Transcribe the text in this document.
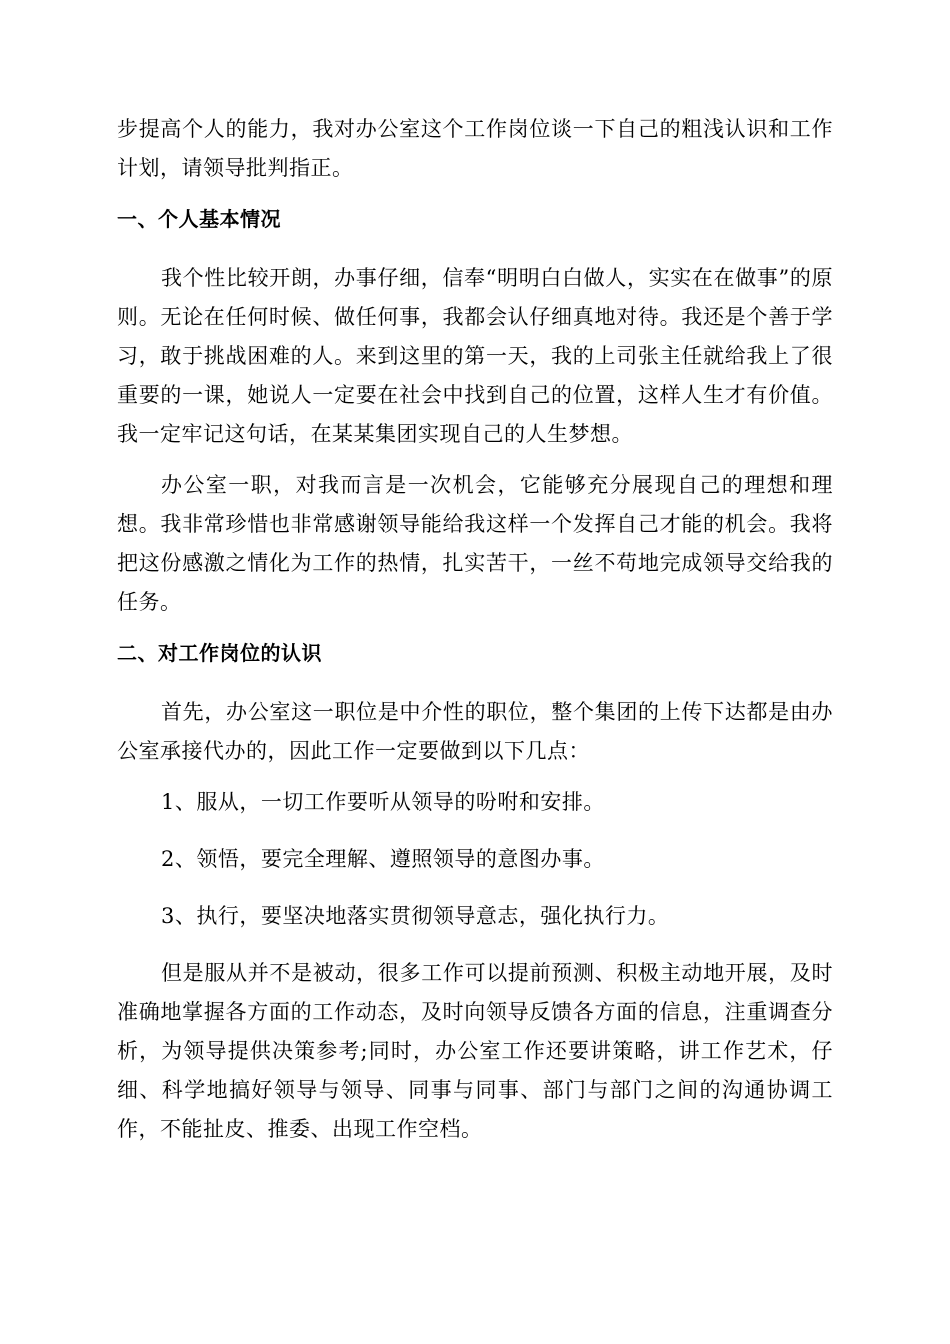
步提高个人的能力，我对办公室这个工作岗位谈一下自己的粗浅认识和工作计划，请领导批判指正。

一、个人基本情况

我个性比较开朗，办事仔细，信奉“明明白白做人，实实在在做事”的原则。无论在任何时候、做任何事，我都会认仔细真地对待。我还是个善于学习，敢于挑战困难的人。来到这里的第一天，我的上司张主任就给我上了很重要的一课，她说人一定要在社会中找到自己的位置，这样人生才有价值。我一定牢记这句话，在某某集团实现自己的人生梦想。

办公室一职，对我而言是一次机会，它能够充分展现自己的理想和理想。我非常珍惜也非常感谢领导能给我这样一个发挥自己才能的机会。我将把这份感激之情化为工作的热情，扎实苦干，一丝不苟地完成领导交给我的任务。

二、对工作岗位的认识

首先，办公室这一职位是中介性的职位，整个集团的上传下达都是由办公室承接代办的，因此工作一定要做到以下几点：

1、服从，一切工作要听从领导的吩咐和安排。

2、领悟，要完全理解、遵照领导的意图办事。

3、执行，要坚决地落实贯彻领导意志，强化执行力。

但是服从并不是被动，很多工作可以提前预测、积极主动地开展，及时准确地掌握各方面的工作动态，及时向领导反馈各方面的信息，注重调查分析，为领导提供决策参考;同时，办公室工作还要讲策略，讲工作艺术，仔细、科学地搞好领导与领导、同事与同事、部门与部门之间的沟通协调工作，不能扯皮、推委、出现工作空档。
